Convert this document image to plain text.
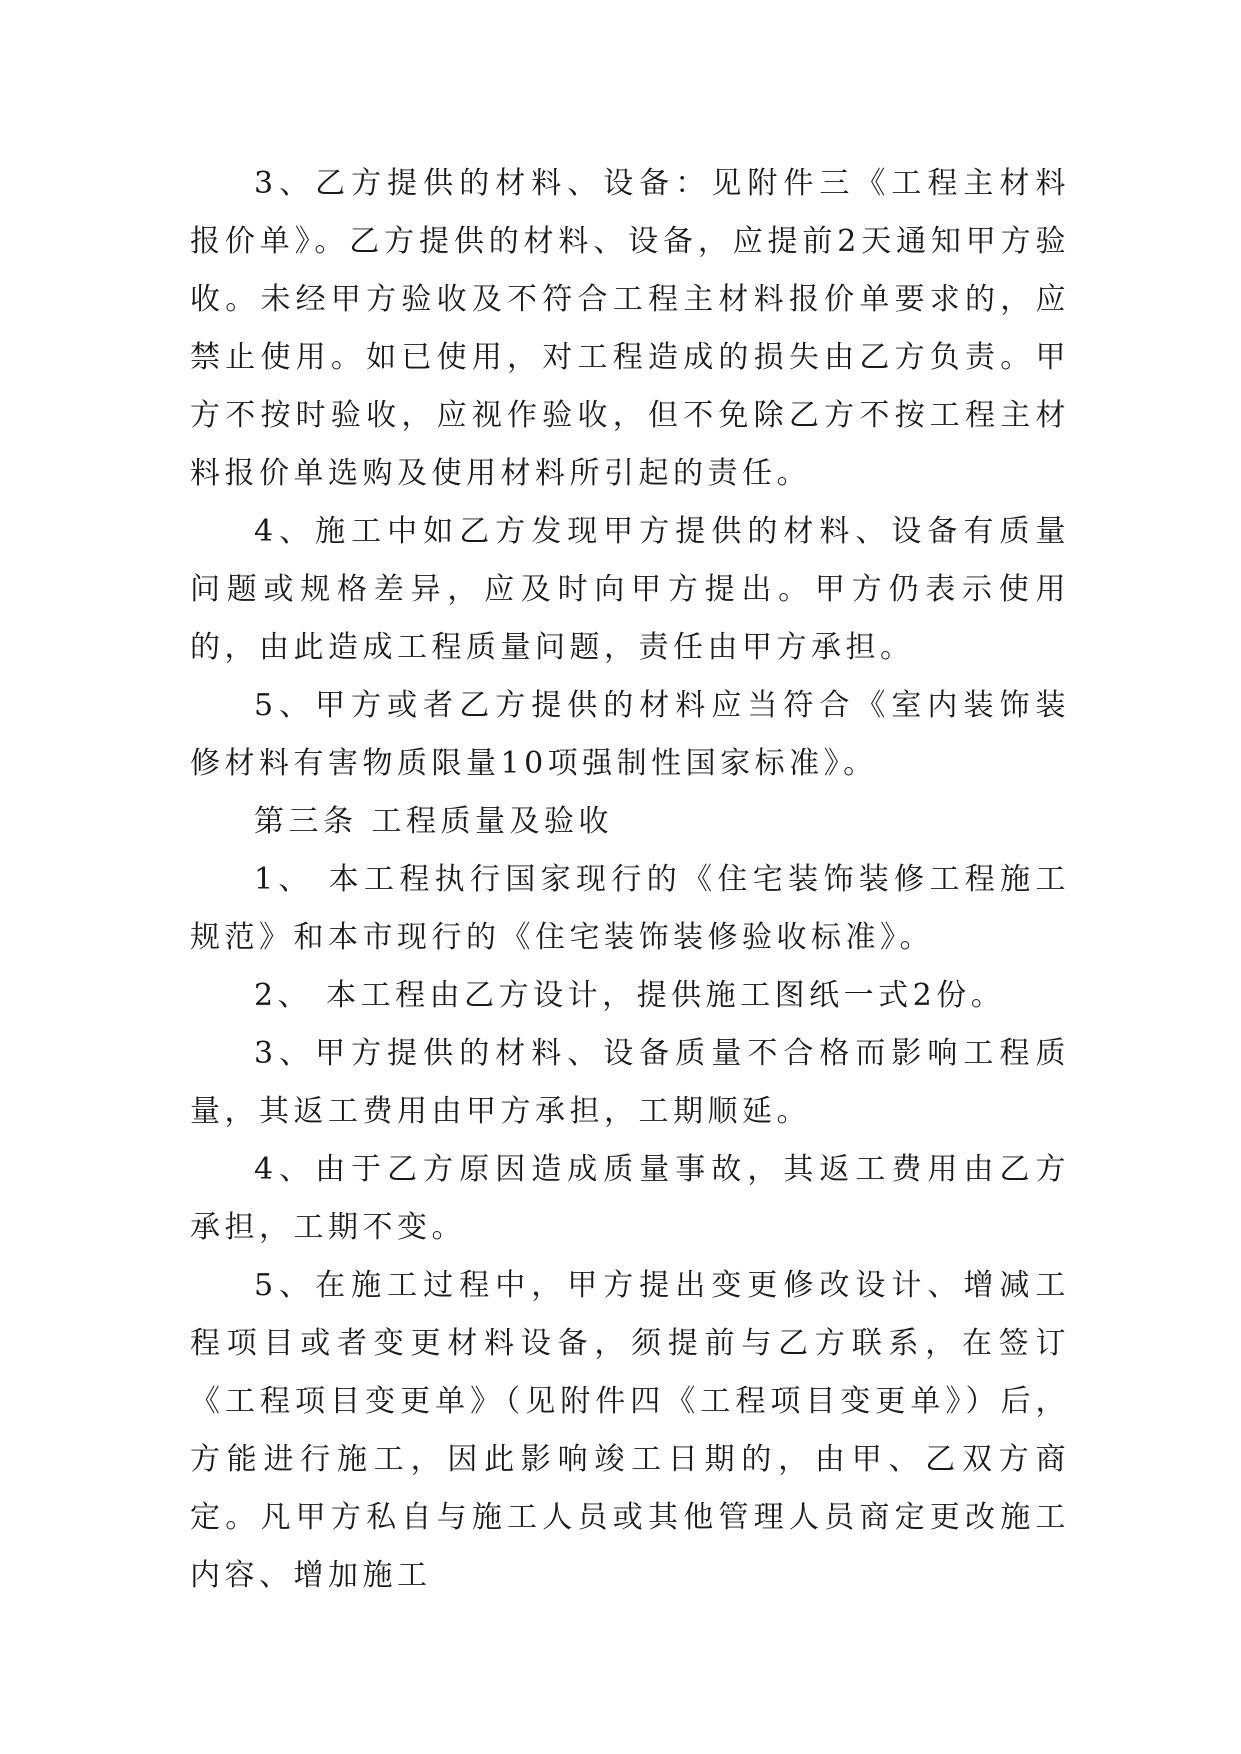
3、乙方提供的材料、设备：见附件三《工程主材料报价单》。乙方提供的材料、设备，应提前2天通知甲方验收。未经甲方验收及不符合工程主材料报价单要求的，应禁止使用。如已使用，对工程造成的损失由乙方负责。甲方不按时验收，应视作验收，但不免除乙方不按工程主材料报价单选购及使用材料所引起的责任。

4、施工中如乙方发现甲方提供的材料、设备有质量问题或规格差异，应及时向甲方提出。甲方仍表示使用的，由此造成工程质量问题，责任由甲方承担。

5、甲方或者乙方提供的材料应当符合《室内装饰装修材料有害物质限量10项强制性国家标准》。

第三条 工程质量及验收

1、 本工程执行国家现行的《住宅装饰装修工程施工规范》和本市现行的《住宅装饰装修验收标准》。

2、 本工程由乙方设计，提供施工图纸一式2份。

3、甲方提供的材料、设备质量不合格而影响工程质量，其返工费用由甲方承担，工期顺延。

4、由于乙方原因造成质量事故，其返工费用由乙方承担，工期不变。

5、在施工过程中，甲方提出变更修改设计、增减工程项目或者变更材料设备，须提前与乙方联系，在签订《工程项目变更单》（见附件四《工程项目变更单》）后，方能进行施工，因此影响竣工日期的，由甲、乙双方商定。凡甲方私自与施工人员或其他管理人员商定更改施工内容、增加施工
